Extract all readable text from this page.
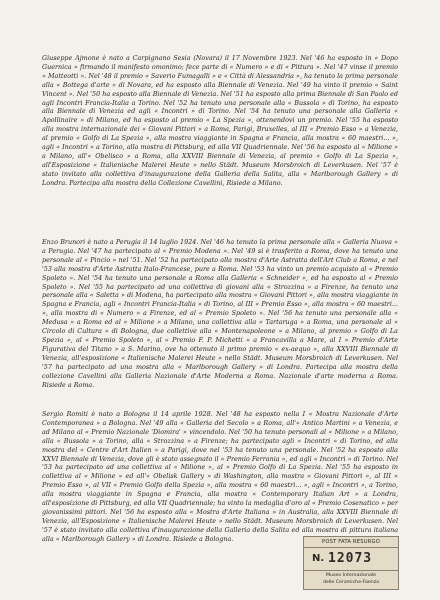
Giuseppe Ajmone è nato a Carpignano Sesia (Novara) il 17 Novembre 1923. Nel '46 ha esposto in « Dopo Guernica » firmando il manifesto omonimo; fece parte di « Numero » e di « Pittura ». Nel '47 vinse il premio « Matteotti ». Nel '48 il premio « Saverio Fumagalli » e « Città di Alessandria », ha tenuto la prima personale alla « Bottega d'arte » di Novara, ed ha esposto alla Biennale di Venezia. Nel '49 ha vinto il premio « Saint Vincent ». Nel '50 ha esposto alla Biennale di Venezia. Nel '51 ha esposto alla prima Biennale di San Paolo ed agli Incontri Francia-Italia a Torino. Nel '52 ha tenuto una personale alla « Bussola » di Torino, ha esposto alla Biennale di Venezia ed agli « Incontri » di Torino. Nel '54 ha tenuto una personale alla Galleria « Apollinaire » di Milano, ed ha esposto al premio « La Spezia », ottenendovi un premio. Nel '55 ha esposto alla mostra internazionale dei « Giovani Pittori » a Roma, Parigi, Bruxelles, al III « Premio Esso » a Venezia, al premio « Golfo di La Spezia », alla mostra viaggiante in Spagna e Francia, alla mostra « 60 maestri... », agli « Incontri » a Torino, alla mostra di Pittsburg, ed alla VII Quadriennale. Nel '56 ha esposto al « Milione » a Milano, all'« Obelisco » a Roma, alla XXVIII Biennale di Venezia, al premio « Golfo di La Spezia », all'Esposizione « Italienische Malerei Heute » nello Städt. Museum Morsbroich di Leverkusen. Nel '57 è stato invitato alla collettiva d'inaugurazione della Galleria della Salita, alla « Marlborough Gallery » di Londra. Partecipa alla mostra della Collezione Cavellini, Risiede a Milano.

Enzo Brunori è nato a Perugia il 14 luglio 1924. Nel '46 ha tenuto la prima personale alla « Galleria Nuova » a Perugia. Nel '47 ha partecipato al « Premio Modena ». Nel '49 si è trasferito a Roma, dove ha tenuto una personale al « Pincio » nel '51. Nel '52 ha partecipato alla mostra d'Arte Astratta dell'Art Club a Roma, e nel '53 alla mostra d'Arte Astratta Italo-Francese, pure a Roma. Nel '53 ha vinto un premio acquisto al « Premio Spoleto ». Nel '54 ha tenuto una personale a Roma alla Galleria « Schneider », ed ha esposto al « Premio Spoleto ». Nel '55 ha partecipato ad una collettiva di giovani alla « Strozzina » a Firenze, ha tenuto una personale alla « Saletta » di Modena, ha partecipato alla mostra « Giovani Pittori », alla mostra viaggiante in Spagna e Francia, agli « Incontri Francia-Italia » di Torino, al III « Premio Esso », alla mostra « 60 maestri... », alla mostra di « Numero » a Firenze, ed al « Premio Spoleto ». Nel '56 ha tenuto una personale alla « Medusa » a Roma ed al « Milione » a Milano, una collettiva alla « Tartaruga » a Roma, una personale al « Circolo di Cultura » di Bologna, due collettive alla « Montenapoleone » a Milano, al premio « Golfo di La Spezia », al « Premio Spoleto », al « Premio F. P. Michetti » a Francavilla a Mare, al I « Premio d'Arte Figurativa del Titano » a S. Marino, ove ha ottenuto il primo premio « ex-aequo », alla XXVIII Biennale di Venezia, all'esposizione « Italienische Malerei Heute » nello Städt. Museum Morsbroich di Leverkusen. Nel '57 ha partecipato ad una mostra alla « Marlborough Gallery » di Londra. Partecipa alla mostra della collezione Cavellini alla Galleria Nazionale d'Arte Moderna a Roma. Nazionale d'arte moderna a Roma. Risiede a Roma.

Sergio Romiti è nato a Bologna il 14 aprile 1928. Nel '48 ha esposto nella I « Mostra Nazionale d'Arte Contemporanea » a Bologna. Nel '49 alla « Galleria del Secolo » a Roma, all'« Antico Martini » a Venezia, e ad Milano al « Premio Nazionale 'Diomira' » vincendolo. Nel '50 ha tenuto personali al « Milione » a Milano, alla « Bussola » a Torino, alla « Strozzina » a Firenze; ha partecipato agli « Incontri » di Torino, ed alla mostra del « Centre d'Art Italien » a Parigi, dove nel '53 ha tenuto una personale. Nel '52 ha esposto alla XXVI Biennale di Venezia, dove gli è stato assegnato il « Premio Ferrania », ed agli « Incontri » di Torino. Nel '53 ha partecipato ad una collettiva al « Milione », al « Premio Golfo di La Spezia. Nel '55 ha esposto in collettiva al « Milione » ed all'« Obelisk Gallery » di Washington, alla mostra « Giovani Pittori », al III « Premio Esso », al VII « Premio Golfo della Spezia », alla mostra « 60 maestri... », agli « Incontri », a Torino, alla mostra viaggiante in Spagna e Francia, alla mostra « Contemporary Italian Art » a Londra, all'esposizione di Pittsburg, ed alla VII Quadriennale; ha vinto la medaglia d'oro al « Premio Cosenatico » per giovanissimi pittori. Nel '56 ha esposto alla « Mostra d'Arte Italiana » in Australia, alla XXVIII Biennale di Venezia, all'Esposizione « Italienische Malerei Heute » nello Städt. Museum Morsbroich di Leverkusen. Nel '57 è stato invitato alla collettiva d'inaugurazione della Galleria della Salita ed alla mostra di pittura italiana alla « Marlborough Gallery » di Londra. Risiede a Bologna.	POST FATA RESURGO
N. 12073
Museo Internazionale
delle Ceramiche-Faenza
